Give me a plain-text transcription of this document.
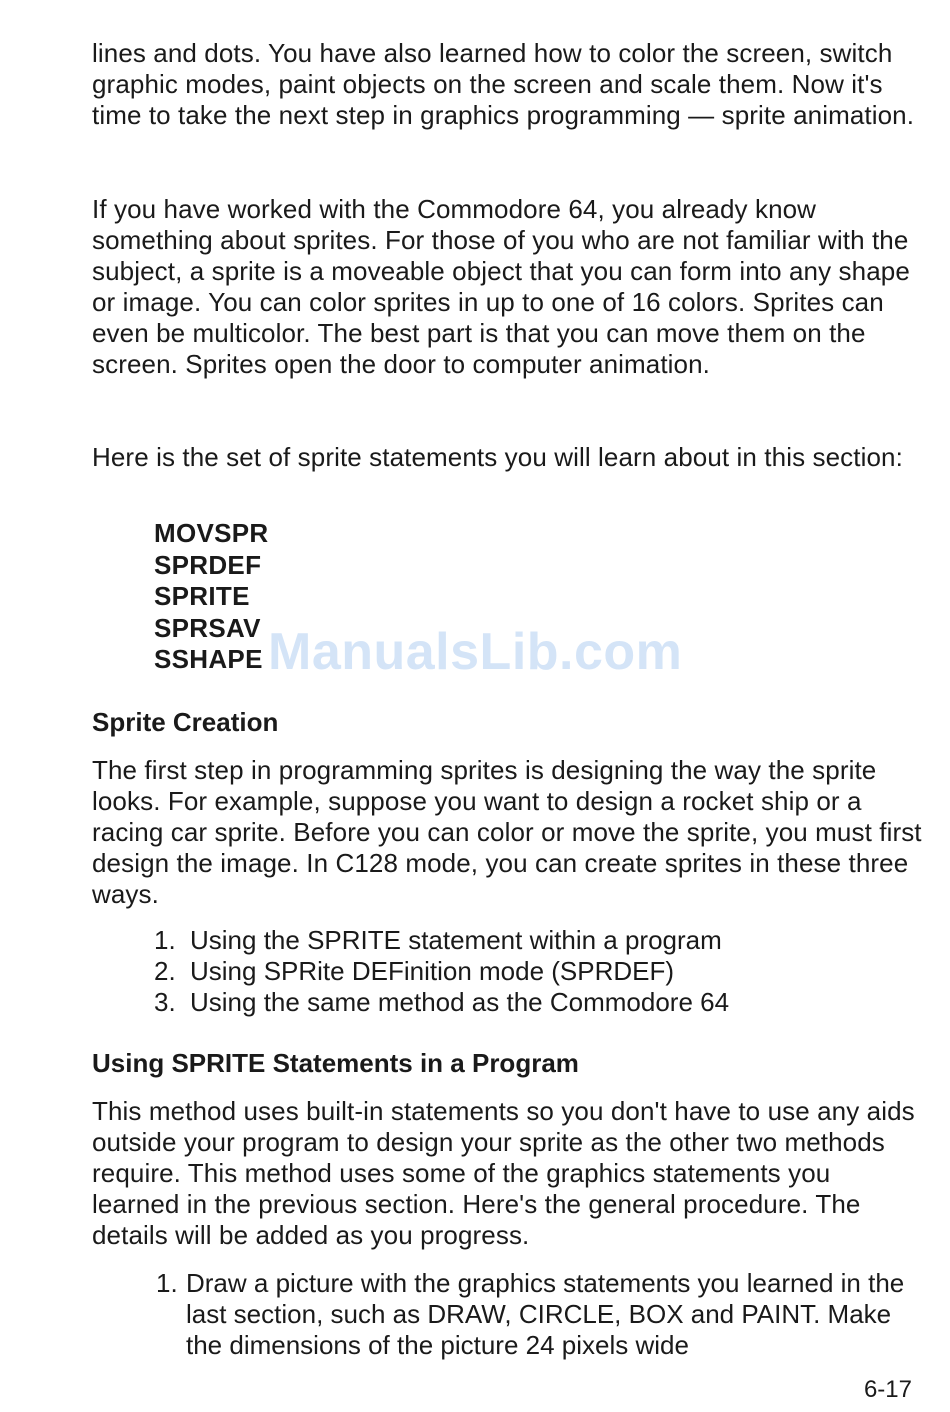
lines and dots. You have also learned how to color the screen, switch graphic modes, paint objects on the screen and scale them. Now it's time to take the next step in graphics programming — sprite animation.

If you have worked with the Commodore 64, you already know something about sprites. For those of you who are not familiar with the subject, a sprite is a moveable object that you can form into any shape or image. You can color sprites in up to one of 16 colors. Sprites can even be multicolor. The best part is that you can move them on the screen. Sprites open the door to computer animation.

Here is the set of sprite statements you will learn about in this section:

MOVSPR
SPRDEF
SPRITE
SPRSAV
SSHAPE ManualsLib.com
Sprite Creation

The first step in programming sprites is designing the way the sprite looks. For example, suppose you want to design a rocket ship or a racing car sprite. Before you can color or move the sprite, you must first design the image. In C128 mode, you can create sprites in these three ways.

1. Using the SPRITE statement within a program
2. Using SPRite DEFinition mode (SPRDEF)
3. Using the same method as the Commodore 64
Using SPRITE Statements in a Program

This method uses built-in statements so you don't have to use any aids outside your program to design your sprite as the other two methods require. This method uses some of the graphics statements you learned in the previous section. Here's the general procedure. The details will be added as you progress.

1. Draw a picture with the graphics statements you learned in the last section, such as DRAW, CIRCLE, BOX and PAINT. Make the dimensions of the picture 24 pixels wide
6-17
